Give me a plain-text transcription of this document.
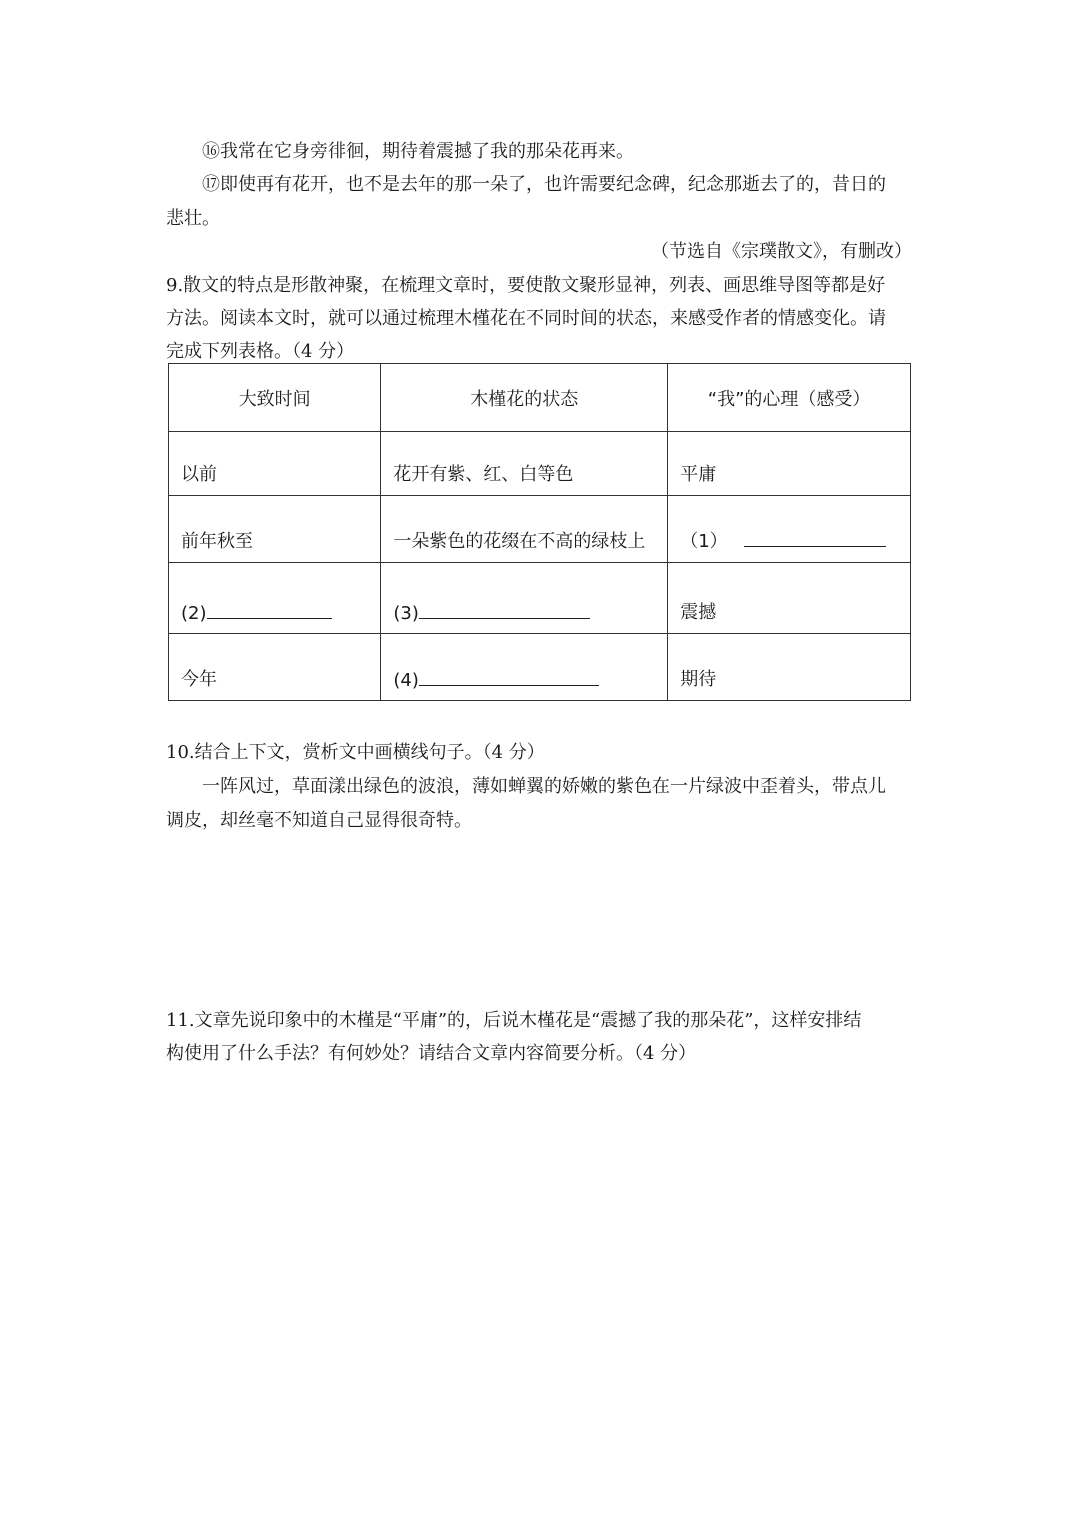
⑯我常在它身旁徘徊，期待着震撼了我的那朵花再来。
⑰即使再有花开，也不是去年的那一朵了，也许需要纪念碑，纪念那逝去了的，昔日的
悲壮。
（节选自《宗璞散文》，有删改）
9.散文的特点是形散神聚，在梳理文章时，要使散文聚形显神，列表、画思维导图等都是好
方法。阅读本文时，就可以通过梳理木槿花在不同时间的状态，来感受作者的情感变化。请
完成下列表格。（4 分）
大致时间	木槿花的状态	“我”的心理（感受）
以前	花开有紫、红、白等色	平庸
前年秋至	一朵紫色的花缀在不高的绿枝上	（1）
(2)	(3)	震撼
今年	(4)	期待
10.结合上下文，赏析文中画横线句子。（4 分）
一阵风过，草面漾出绿色的波浪，薄如蝉翼的娇嫩的紫色在一片绿波中歪着头，带点儿
调皮，却丝毫不知道自己显得很奇特。
11.文章先说印象中的木槿是“平庸”的，后说木槿花是“震撼了我的那朵花”，这样安排结
构使用了什么手法？有何妙处？请结合文章内容简要分析。（4 分）
